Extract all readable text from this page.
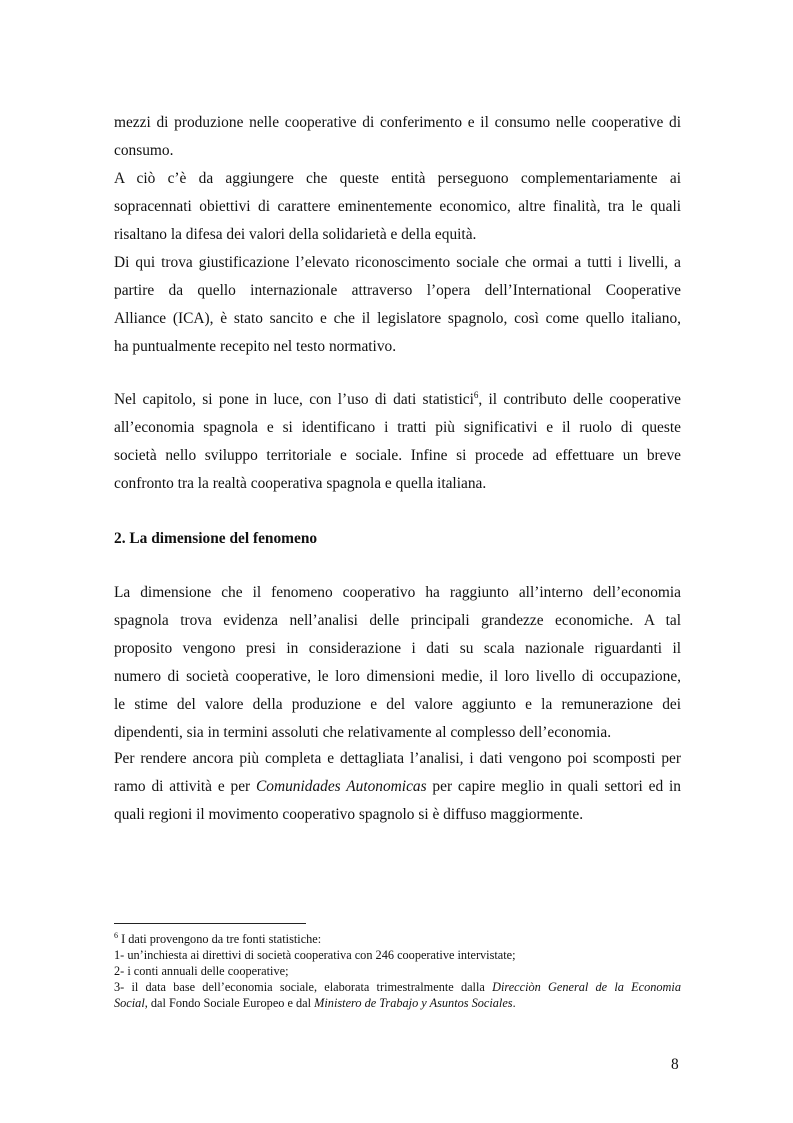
mezzi di produzione nelle cooperative di conferimento e il consumo nelle cooperative di
consumo.
A ciò c’è da aggiungere che queste entità perseguono complementariamente ai
sopracennati obiettivi di carattere eminentemente economico, altre finalità, tra le quali
risaltano la difesa dei valori della solidarietà e della equità.
Di qui trova giustificazione l’elevato riconoscimento sociale che ormai a tutti i livelli, a
partire da quello internazionale attraverso l’opera dell’International Cooperative
Alliance (ICA), è stato sancito e che il legislatore spagnolo, così come quello italiano,
ha puntualmente recepito nel testo normativo.
Nel capitolo, si pone in luce, con l’uso di dati statistici$^6$, il contributo delle cooperative
all’economia spagnola e si identificano i tratti più significativi e il ruolo di queste
società nello sviluppo territoriale e sociale. Infine si procede ad effettuare un breve
confronto tra la realtà cooperativa spagnola e quella italiana.
2. La dimensione del fenomeno
La dimensione che il fenomeno cooperativo ha raggiunto all’interno dell’economia
spagnola trova evidenza nell’analisi delle principali grandezze economiche. A tal
proposito vengono presi in considerazione i dati su scala nazionale riguardanti il
numero di società cooperative, le loro dimensioni medie, il loro livello di occupazione,
le stime del valore della produzione e del valore aggiunto e la remunerazione dei
dipendenti, sia in termini assoluti che relativamente al complesso dell’economia.
Per rendere ancora più completa e dettagliata l’analisi, i dati vengono poi scomposti per
ramo di attività e per Comunidades Autonomicas per capire meglio in quali settori ed in
quali regioni il movimento cooperativo spagnolo si è diffuso maggiormente.
$^6$ I dati provengono da tre fonti statistiche:
1- un’inchiesta ai direttivi di società cooperativa con 246 cooperative intervistate;
2- i conti annuali delle cooperative;
3- il data base dell’economia sociale, elaborata trimestralmente dalla Direcciòn General de la Economia
Social, dal Fondo Sociale Europeo e dal Ministero de Trabajo y Asuntos Sociales.
8
